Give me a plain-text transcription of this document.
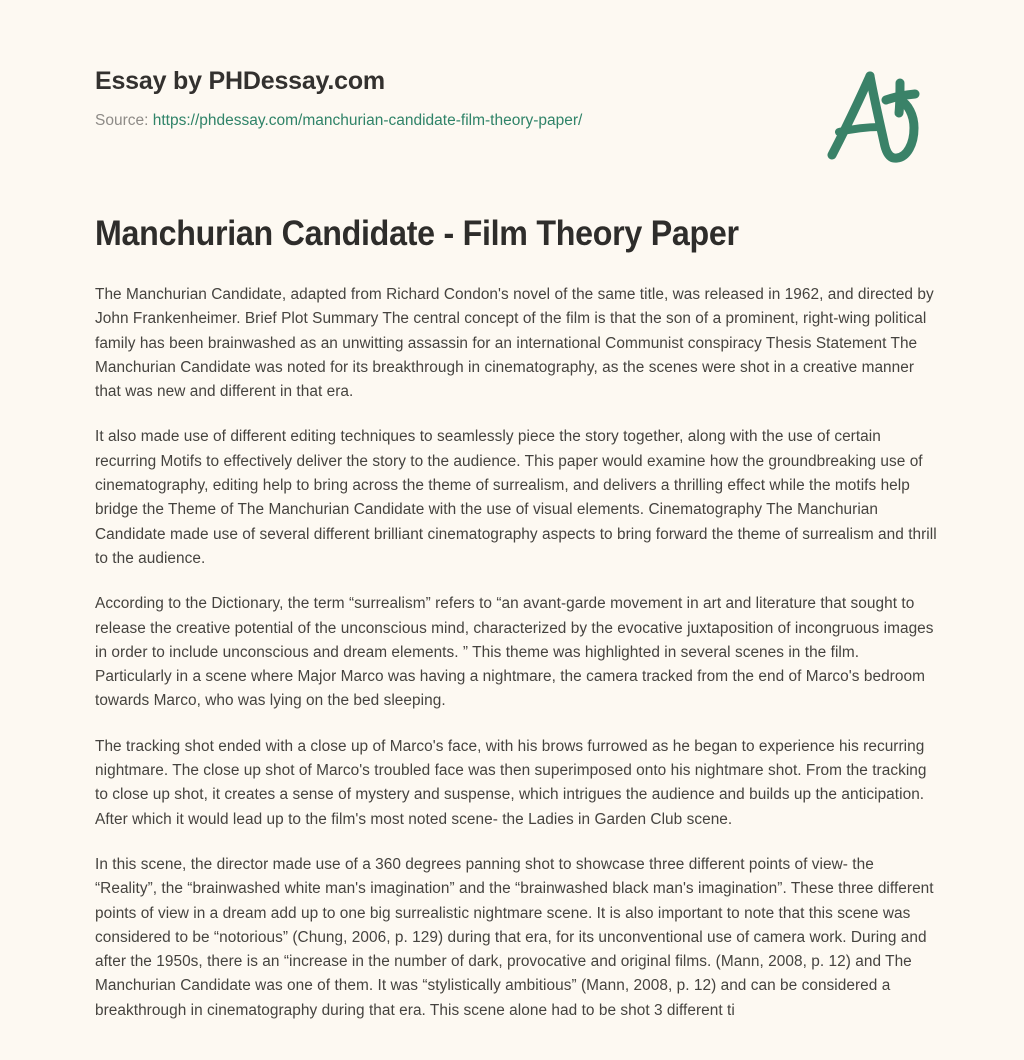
Essay by PHDessay.com
Source: https://phdessay.com/manchurian-candidate-film-theory-paper/
Manchurian Candidate - Film Theory Paper

The Manchurian Candidate, adapted from Richard Condon's novel of the same title, was released in 1962, and directed by John Frankenheimer. Brief Plot Summary The central concept of the film is that the son of a prominent, right-wing political family has been brainwashed as an unwitting assassin for an international Communist conspiracy Thesis Statement The Manchurian Candidate was noted for its breakthrough in cinematography, as the scenes were shot in a creative manner that was new and different in that era.

It also made use of different editing techniques to seamlessly piece the story together, along with the use of certain recurring Motifs to effectively deliver the story to the audience. This paper would examine how the groundbreaking use of cinematography, editing help to bring across the theme of surrealism, and delivers a thrilling effect while the motifs help bridge the Theme of The Manchurian Candidate with the use of visual elements. Cinematography The Manchurian Candidate made use of several different brilliant cinematography aspects to bring forward the theme of surrealism and thrill to the audience.

According to the Dictionary, the term “surrealism” refers to “an avant-garde movement in art and literature that sought to release the creative potential of the unconscious mind, characterized by the evocative juxtaposition of incongruous images in order to include unconscious and dream elements. ” This theme was highlighted in several scenes in the film. Particularly in a scene where Major Marco was having a nightmare, the camera tracked from the end of Marco's bedroom towards Marco, who was lying on the bed sleeping.

The tracking shot ended with a close up of Marco's face, with his brows furrowed as he began to experience his recurring nightmare. The close up shot of Marco's troubled face was then superimposed onto his nightmare shot. From the tracking to close up shot, it creates a sense of mystery and suspense, which intrigues the audience and builds up the anticipation. After which it would lead up to the film's most noted scene- the Ladies in Garden Club scene.

In this scene, the director made use of a 360 degrees panning shot to showcase three different points of view- the “Reality”, the “brainwashed white man's imagination” and the “brainwashed black man's imagination”. These three different points of view in a dream add up to one big surrealistic nightmare scene. It is also important to note that this scene was considered to be “notorious” (Chung, 2006, p. 129) during that era, for its unconventional use of camera work. During and after the 1950s, there is an “increase in the number of dark, provocative and original films. (Mann, 2008, p. 12) and The Manchurian Candidate was one of them. It was “stylistically ambitious” (Mann, 2008, p. 12) and can be considered a breakthrough in cinematography during that era. This scene alone had to be shot 3 different ti
